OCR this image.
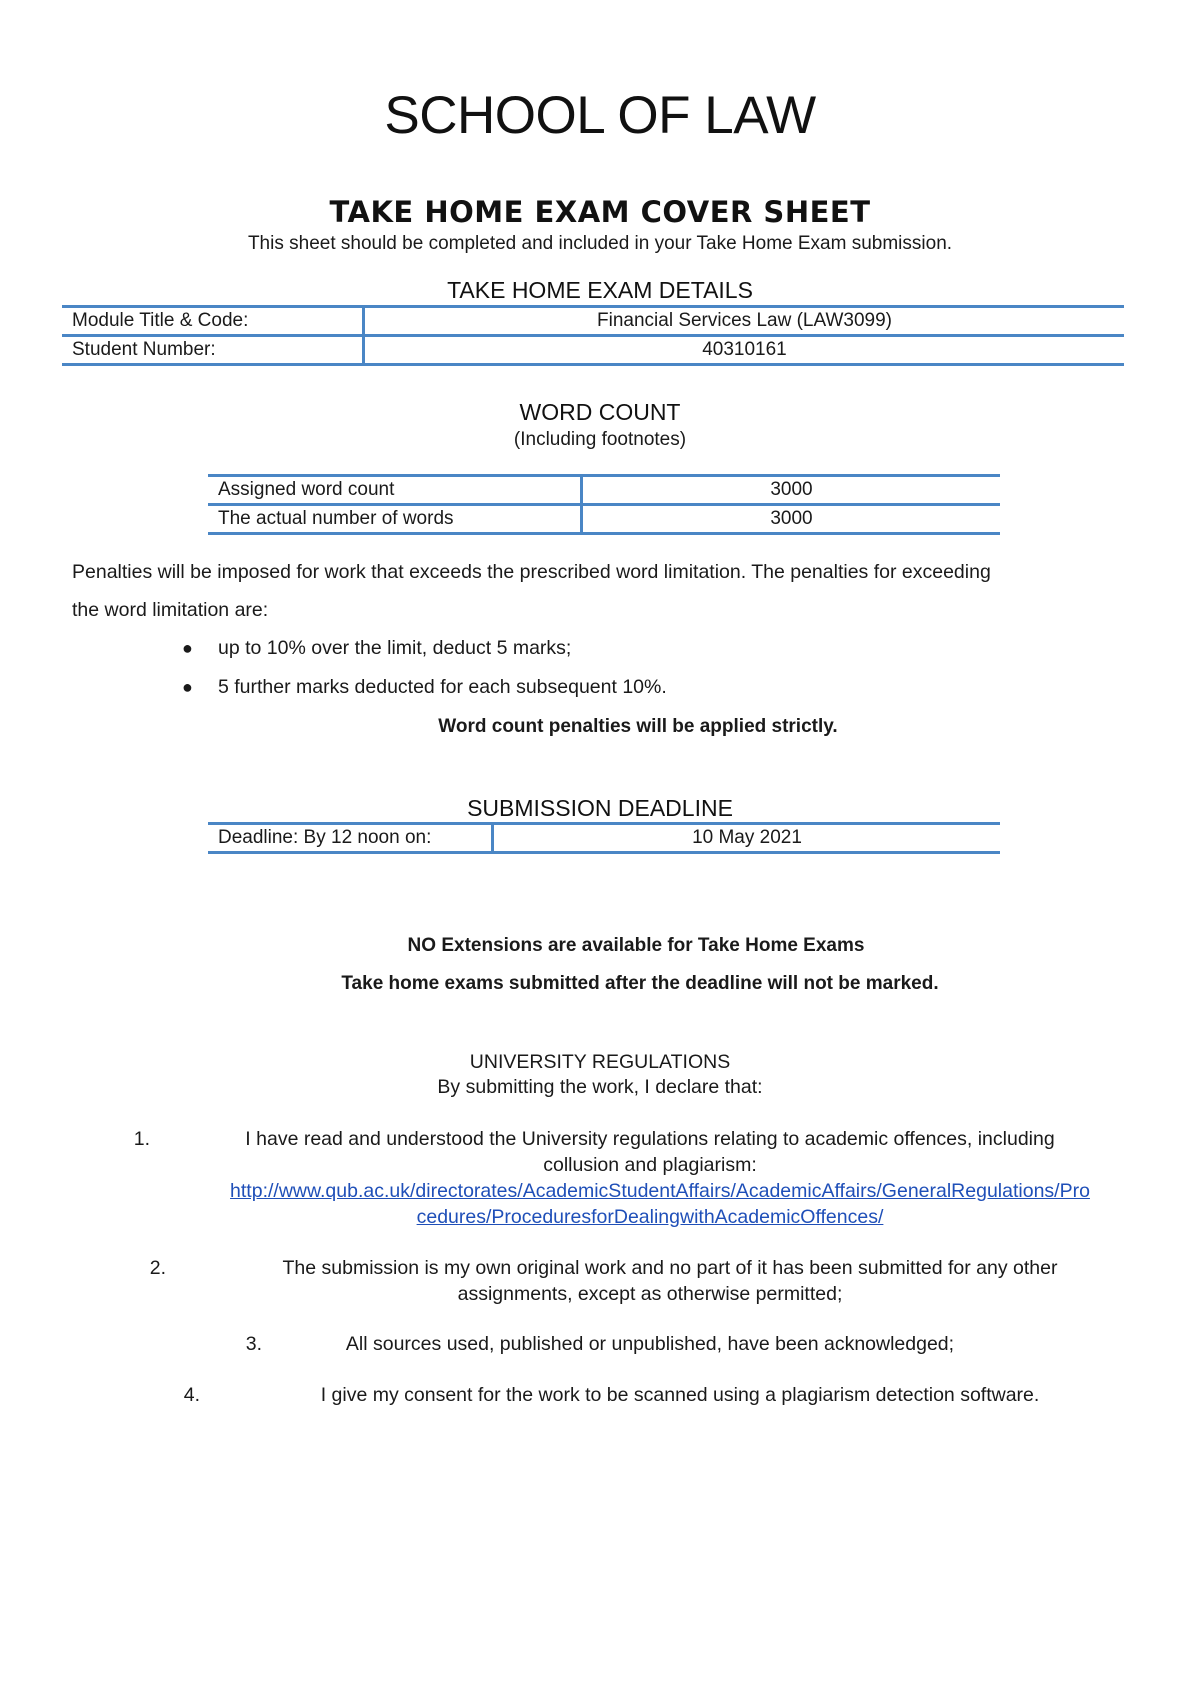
SCHOOL OF LAW
TAKE HOME EXAM COVER SHEET
This sheet should be completed and included in your Take Home Exam submission.
TAKE HOME EXAM DETAILS
Module Title & Code:	Financial Services Law (LAW3099)
Student Number:	40310161
WORD COUNT
(Including footnotes)
Assigned word count	3000
The actual number of words	3000
Penalties will be imposed for work that exceeds the prescribed word limitation. The penalties for exceeding
the word limitation are:
● up to 10% over the limit, deduct 5 marks;
● 5 further marks deducted for each subsequent 10%.
Word count penalties will be applied strictly.
SUBMISSION DEADLINE
Deadline: By 12 noon on:	10 May 2021
NO Extensions are available for Take Home Exams
Take home exams submitted after the deadline will not be marked.
UNIVERSITY REGULATIONS
By submitting the work, I declare that:
1.	I have read and understood the University regulations relating to academic offences, including
collusion and plagiarism:
http://www.qub.ac.uk/directorates/AcademicStudentAffairs/AcademicAffairs/GeneralRegulations/Pro
cedures/ProceduresforDealingwithAcademicOffences/
2.	The submission is my own original work and no part of it has been submitted for any other
assignments, except as otherwise permitted;
3.	All sources used, published or unpublished, have been acknowledged;
4.	I give my consent for the work to be scanned using a plagiarism detection software.
